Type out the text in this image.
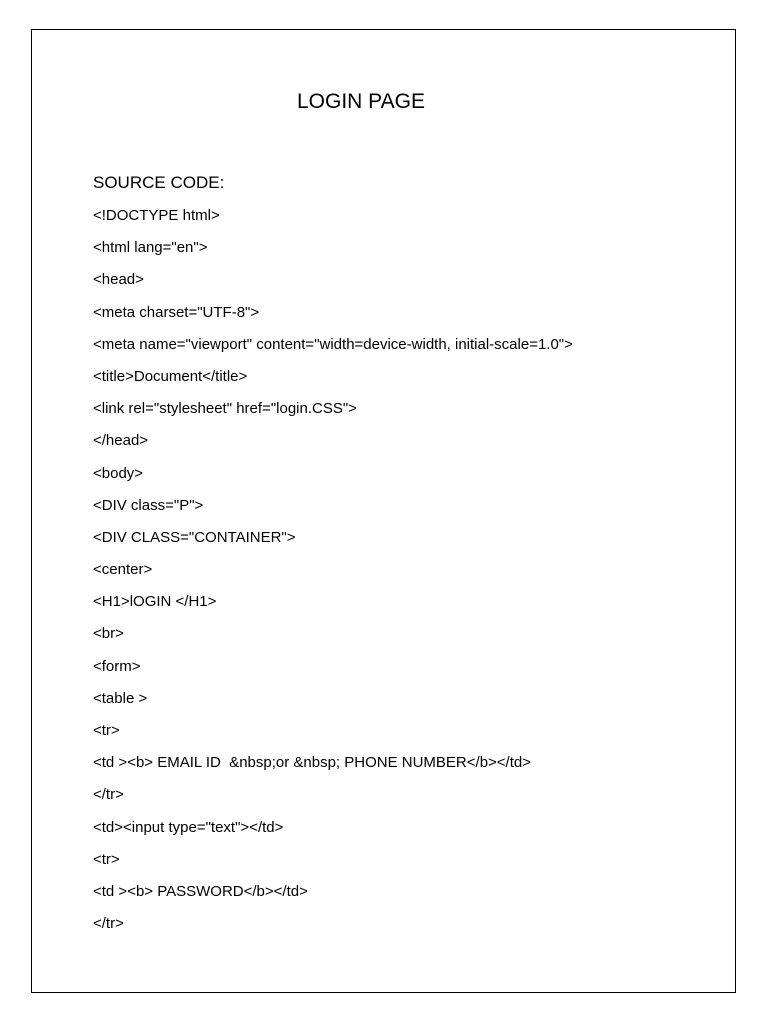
LOGIN PAGE
SOURCE CODE:
<!DOCTYPE html>
<html lang="en">
<head>
<meta charset="UTF-8">
<meta name="viewport" content="width=device-width, initial-scale=1.0">
<title>Document</title>
<link rel="stylesheet" href="login.CSS">
</head>
<body>
<DIV class="P">
<DIV CLASS="CONTAINER">
<center>
<H1>lOGIN </H1>
<br>
<form>
<table >
<tr>
<td ><b> EMAIL ID  &nbsp;or &nbsp; PHONE NUMBER</b></td>
</tr>
<td><input type="text"></td>
<tr>
<td ><b> PASSWORD</b></td>
</tr>
